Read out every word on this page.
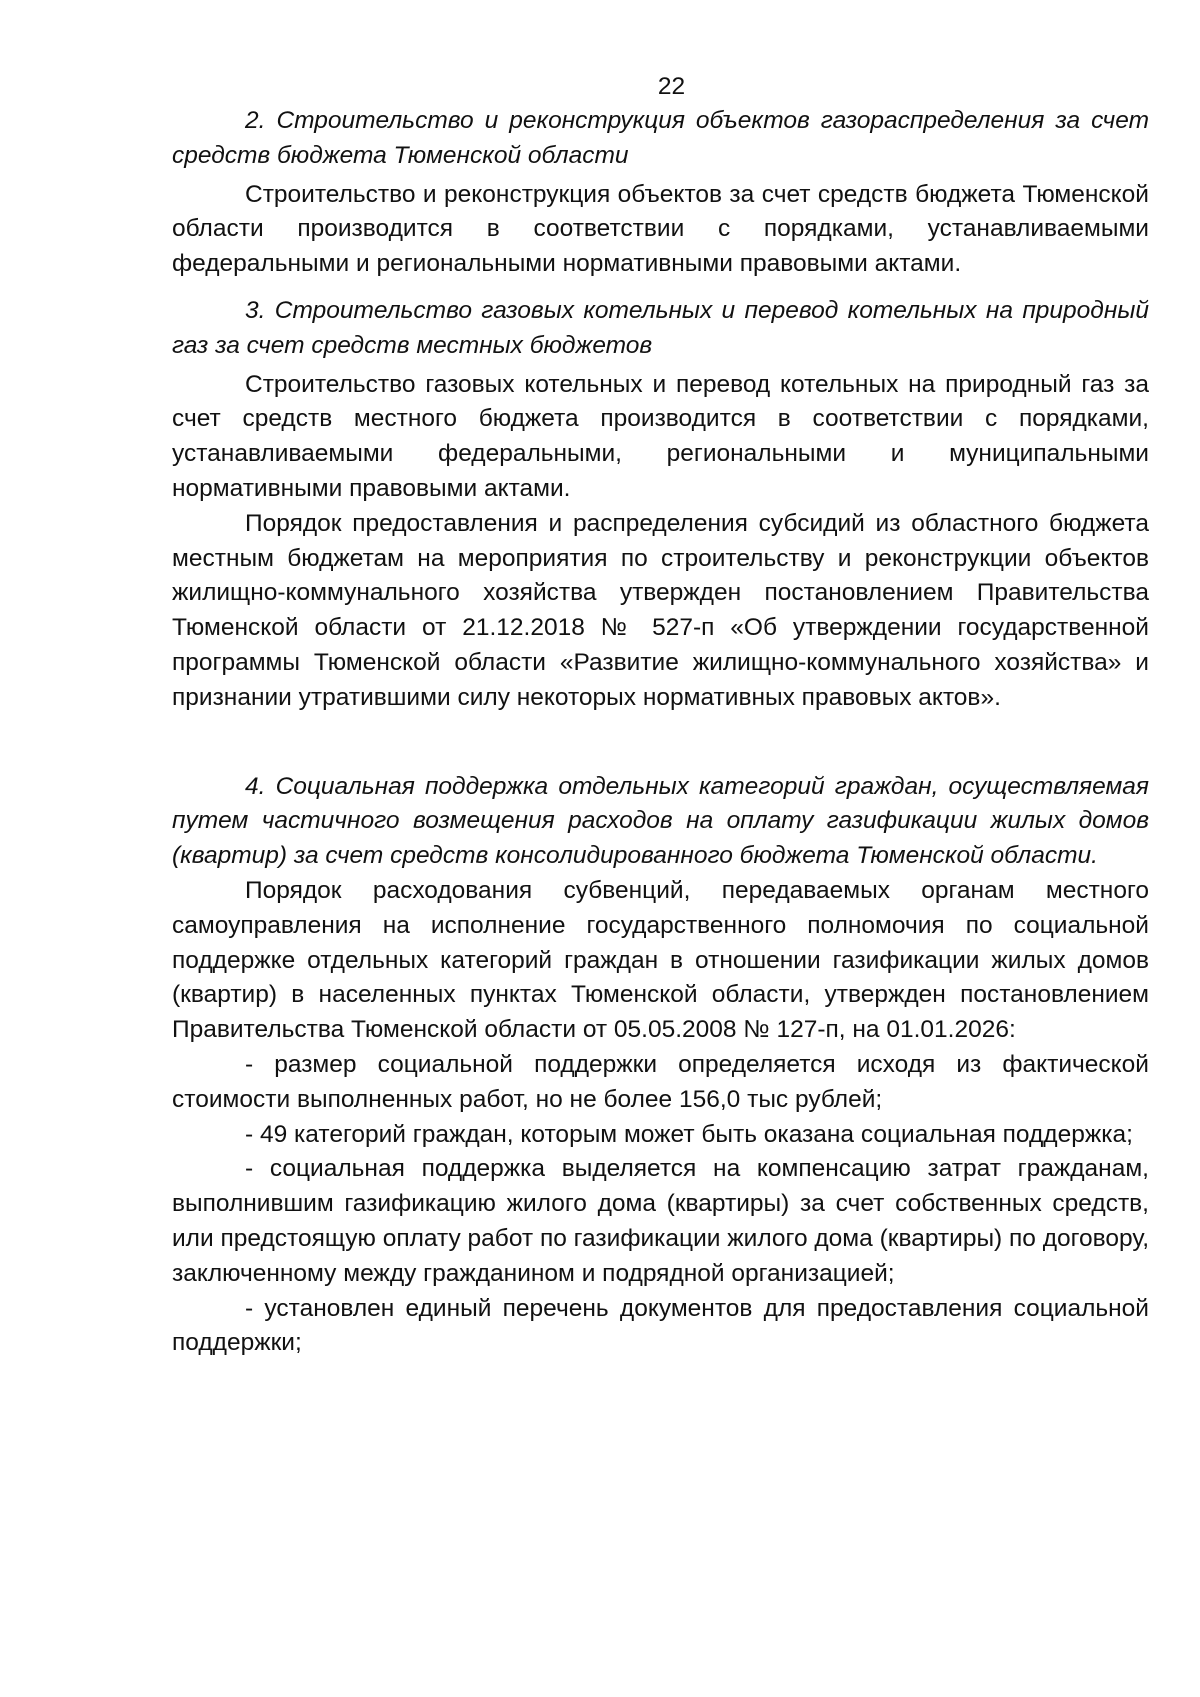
22

2. Строительство и реконструкция объектов газораспределения за счет средств бюджета Тюменской области

Строительство и реконструкция объектов за счет средств бюджета Тюменской области производится в соответствии с порядками, устанавливаемыми федеральными и региональными нормативными правовыми актами.

3. Строительство газовых котельных и перевод котельных на природный газ за счет средств местных бюджетов

Строительство газовых котельных и перевод котельных на природный газ за счет средств местного бюджета производится в соответствии с порядками, устанавливаемыми федеральными, региональными и муниципальными нормативными правовыми актами.

Порядок предоставления и распределения субсидий из областного бюджета местным бюджетам на мероприятия по строительству и реконструкции объектов жилищно-коммунального хозяйства утвержден постановлением Правительства Тюменской области от 21.12.2018 № 527-п «Об утверждении государственной программы Тюменской области «Развитие жилищно-коммунального хозяйства» и признании утратившими силу некоторых нормативных правовых актов».

4. Социальная поддержка отдельных категорий граждан, осуществляемая путем частичного возмещения расходов на оплату газификации жилых домов (квартир) за счет средств консолидированного бюджета Тюменской области.

Порядок расходования субвенций, передаваемых органам местного самоуправления на исполнение государственного полномочия по социальной поддержке отдельных категорий граждан в отношении газификации жилых домов (квартир) в населенных пунктах Тюменской области, утвержден постановлением Правительства Тюменской области от 05.05.2008 № 127-п, на 01.01.2026:

- размер социальной поддержки определяется исходя из фактической стоимости выполненных работ, но не более 156,0 тыс рублей;

- 49 категорий граждан, которым может быть оказана социальная поддержка;

- социальная поддержка выделяется на компенсацию затрат гражданам, выполнившим газификацию жилого дома (квартиры) за счет собственных средств, или предстоящую оплату работ по газификации жилого дома (квартиры) по договору, заключенному между гражданином и подрядной организацией;

- установлен единый перечень документов для предоставления социальной поддержки;
